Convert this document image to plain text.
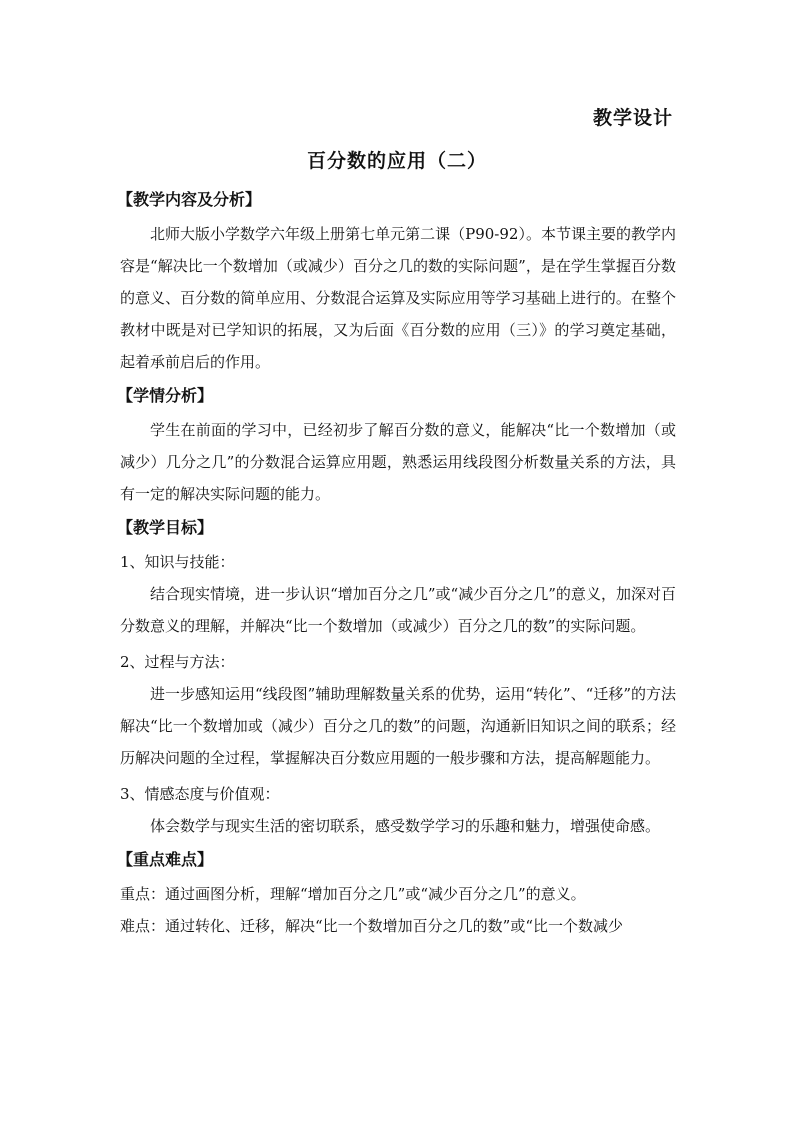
教学设计
百分数的应用（二）
【教学内容及分析】

北师大版小学数学六年级上册第七单元第二课（P90-92）。本节课主要的教学内容是“解决比一个数增加（或减少）百分之几的数的实际问题”，是在学生掌握百分数的意义、百分数的简单应用、分数混合运算及实际应用等学习基础上进行的。在整个教材中既是对已学知识的拓展，又为后面《百分数的应用（三）》的学习奠定基础，起着承前启后的作用。

【学情分析】

学生在前面的学习中，已经初步了解百分数的意义，能解决“比一个数增加（或减少）几分之几”的分数混合运算应用题，熟悉运用线段图分析数量关系的方法，具有一定的解决实际问题的能力。

【教学目标】

1、知识与技能：

结合现实情境，进一步认识“增加百分之几”或“减少百分之几”的意义，加深对百分数意义的理解，并解决“比一个数增加（或减少）百分之几的数”的实际问题。

2、过程与方法：

进一步感知运用“线段图”辅助理解数量关系的优势，运用“转化”、“迁移”的方法解决“比一个数增加或（减少）百分之几的数”的问题，沟通新旧知识之间的联系；经历解决问题的全过程，掌握解决百分数应用题的一般步骤和方法，提高解题能力。

3、情感态度与价值观：

体会数学与现实生活的密切联系，感受数学学习的乐趣和魅力，增强使命感。

【重点难点】

重点：通过画图分析，理解“增加百分之几”或“减少百分之几”的意义。

难点：通过转化、迁移，解决“比一个数增加百分之几的数”或“比一个数减少
